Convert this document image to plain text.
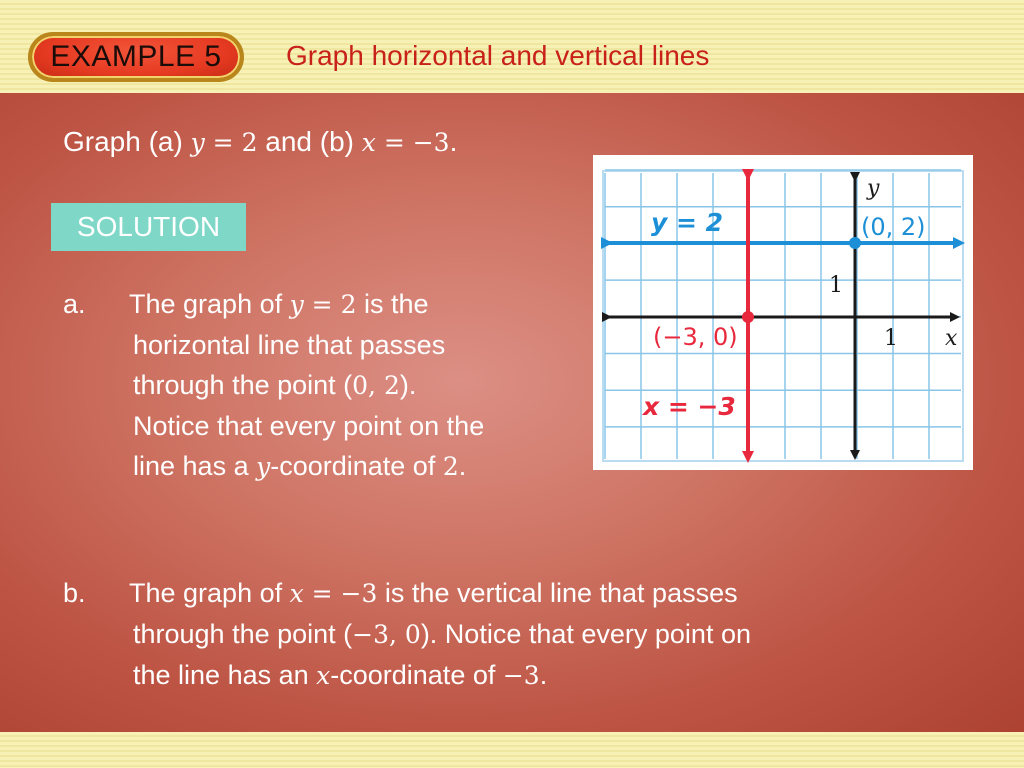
EXAMPLE 5	Graph horizontal and vertical lines
Graph (a) y = 2 and (b) x = −3.
SOLUTION
a. The graph of y = 2 is the
horizontal line that passes
through the point (0, 2).
Notice that every point on the
line has a y-coordinate of 2.
b. The graph of x = −3 is the vertical line that passes
through the point (−3, 0). Notice that every point on
the line has an x-coordinate of −3.
y = 2	(0, 2)
(−3, 0)
x = −3
y
x
1
1
